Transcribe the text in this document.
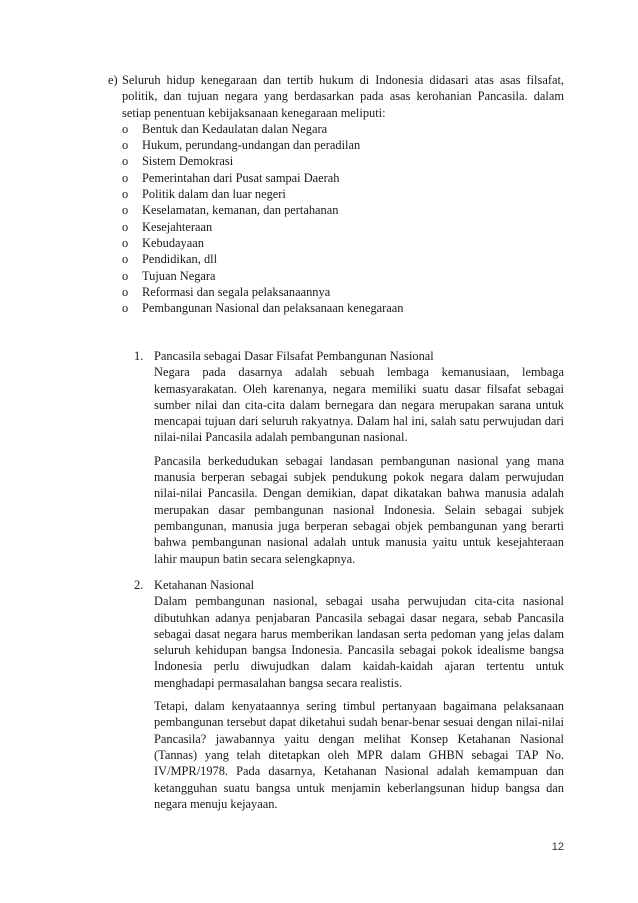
e) Seluruh hidup kenegaraan dan tertib hukum di Indonesia didasari atas asas filsafat, politik, dan tujuan negara yang berdasarkan pada asas kerohanian Pancasila. dalam setiap penentuan kebijaksanaan kenegaraan meliputi:

o Bentuk dan Kedaulatan dalan Negara
o Hukum, perundang-undangan dan peradilan
o Sistem Demokrasi
o Pemerintahan dari Pusat sampai Daerah
o Politik dalam dan luar negeri
o Keselamatan, kemanan, dan pertahanan
o Kesejahteraan
o Kebudayaan
o Pendidikan, dll
o Tujuan Negara
o Reformasi dan segala pelaksanaannya
o Pembangunan Nasional dan pelaksanaan kenegaraan
1. Pancasila sebagai Dasar Filsafat Pembangunan Nasional

Negara pada dasarnya adalah sebuah lembaga kemanusiaan, lembaga kemasyarakatan. Oleh karenanya, negara memiliki suatu dasar filsafat sebagai sumber nilai dan cita-cita dalam bernegara dan negara merupakan sarana untuk mencapai tujuan dari seluruh rakyatnya. Dalam hal ini, salah satu perwujudan dari nilai-nilai Pancasila adalah pembangunan nasional.

Pancasila berkedudukan sebagai landasan pembangunan nasional yang mana manusia berperan sebagai subjek pendukung pokok negara dalam perwujudan nilai-nilai Pancasila. Dengan demikian, dapat dikatakan bahwa manusia adalah merupakan dasar pembangunan nasional Indonesia. Selain sebagai subjek pembangunan, manusia juga berperan sebagai objek pembangunan yang berarti bahwa pembangunan nasional adalah untuk manusia yaitu untuk kesejahteraan lahir maupun batin secara selengkapnya.

2. Ketahanan Nasional

Dalam pembangunan nasional, sebagai usaha perwujudan cita-cita nasional dibutuhkan adanya penjabaran Pancasila sebagai dasar negara, sebab Pancasila sebagai dasat negara harus memberikan landasan serta pedoman yang jelas dalam seluruh kehidupan bangsa Indonesia. Pancasila sebagai pokok idealisme bangsa Indonesia perlu diwujudkan dalam kaidah-kaidah ajaran tertentu untuk menghadapi permasalahan bangsa secara realistis.

Tetapi, dalam kenyataannya sering timbul pertanyaan bagaimana pelaksanaan pembangunan tersebut dapat diketahui sudah benar-benar sesuai dengan nilai-nilai Pancasila? jawabannya yaitu dengan melihat Konsep Ketahanan Nasional (Tannas) yang telah ditetapkan oleh MPR dalam GHBN sebagai TAP No. IV/MPR/1978. Pada dasarnya, Ketahanan Nasional adalah kemampuan dan ketangguhan suatu bangsa untuk menjamin keberlangsunan hidup bangsa dan negara menuju kejayaan.

12
